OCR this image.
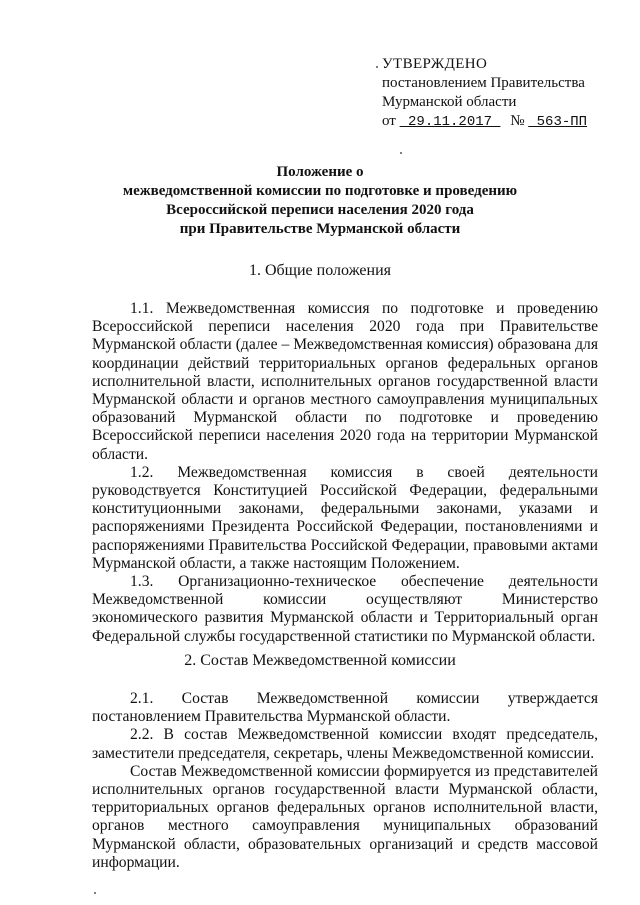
УТВЕРЖДЕНО
постановлением Правительства
Мурманской области
от  29.11.2017  №  563-ПП
Положение о
межведомственной комиссии по подготовке и проведению
Всероссийской переписи населения 2020 года
при Правительстве Мурманской области
1. Общие положения

1.1. Межведомственная комиссия по подготовке и проведению Всероссийской переписи населения 2020 года при Правительстве Мурманской области (далее – Межведомственная комиссия) образована для координации действий территориальных органов федеральных органов исполнительной власти, исполнительных органов государственной власти Мурманской области и органов местного самоуправления муниципальных образований Мурманской области по подготовке и проведению Всероссийской переписи населения 2020 года на территории Мурманской области.

1.2. Межведомственная комиссия в своей деятельности руководствуется Конституцией Российской Федерации, федеральными конституционными законами, федеральными законами, указами и распоряжениями Президента Российской Федерации, постановлениями и распоряжениями Правительства Российской Федерации, правовыми актами Мурманской области, а также настоящим Положением.

1.3. Организационно-техническое обеспечение деятельности Межведомственной комиссии осуществляют Министерство экономического развития Мурманской области и Территориальный орган Федеральной службы государственной статистики по Мурманской области.

2. Состав Межведомственной комиссии

2.1. Состав Межведомственной комиссии утверждается постановлением Правительства Мурманской области.

2.2. В состав Межведомственной комиссии входят председатель, заместители председателя, секретарь, члены Межведомственной комиссии.

Состав Межведомственной комиссии формируется из представителей исполнительных органов государственной власти Мурманской области, территориальных органов федеральных органов исполнительной власти, органов местного самоуправления муниципальных образований Мурманской области, образовательных организаций и средств массовой информации.
